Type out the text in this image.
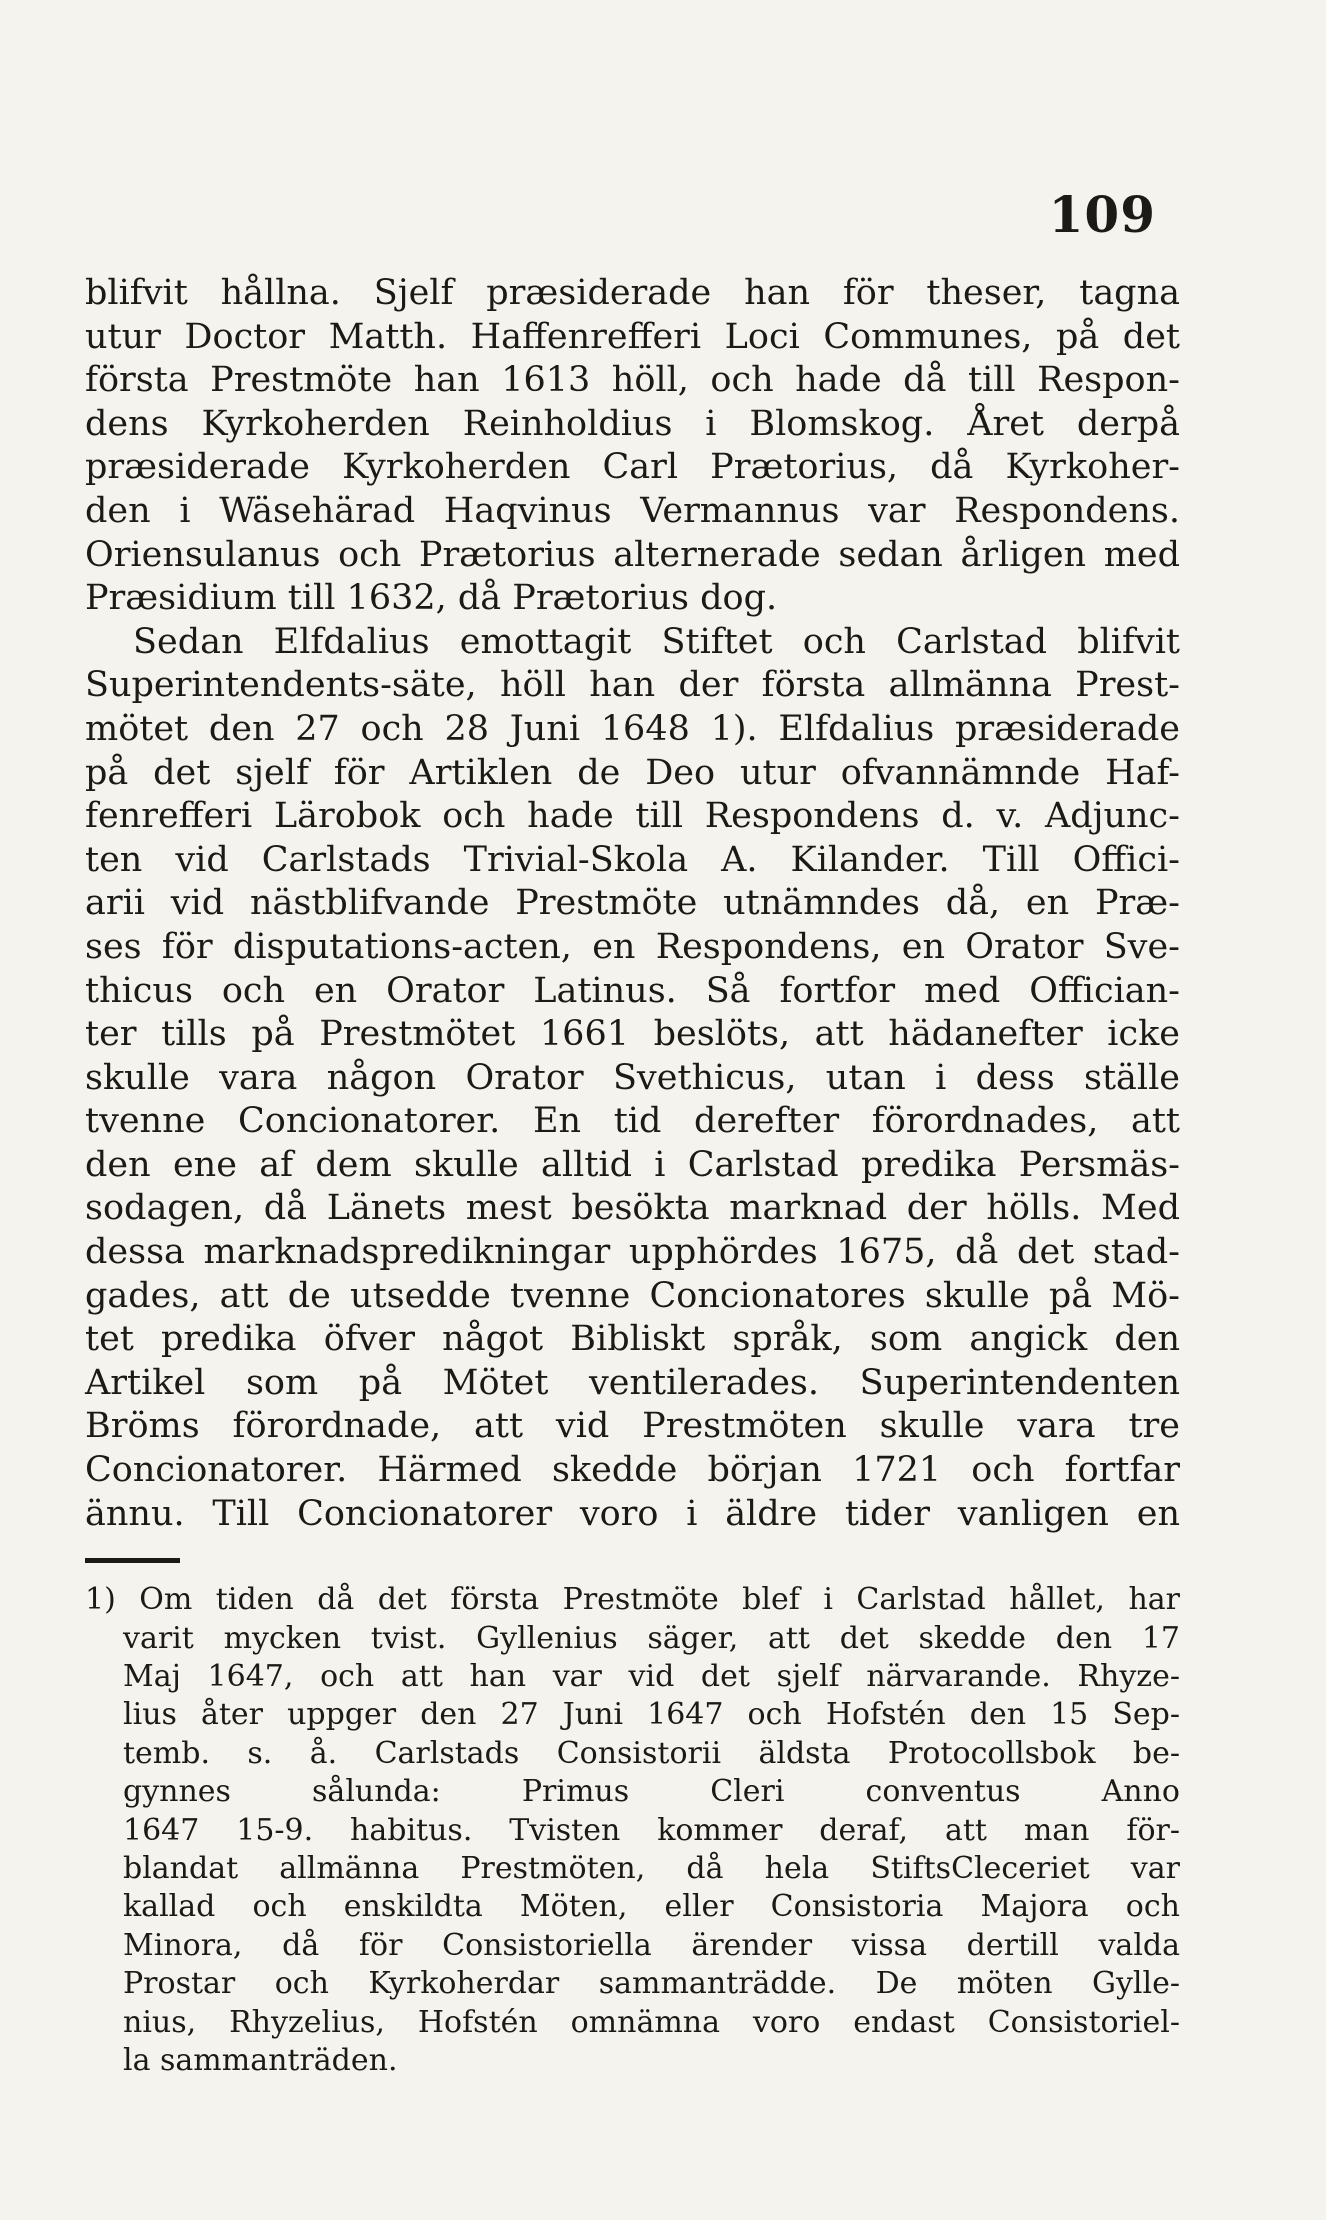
109
blifvit hållna. Sjelf præsiderade han för theser, tagna
utur Doctor Matth. Haffenrefferi Loci Communes, på det
första Prestmöte han 1613 höll, och hade då till Respon-
dens Kyrkoherden Reinholdius i Blomskog. Året derpå
præsiderade Kyrkoherden Carl Prætorius, då Kyrkoher-
den i Wäsehärad Haqvinus Vermannus var Respondens.
Oriensulanus och Prætorius alternerade sedan årligen med
Præsidium till 1632, då Prætorius dog.
Sedan Elfdalius emottagit Stiftet och Carlstad blifvit
Superintendents-säte, höll han der första allmänna Prest-
mötet den 27 och 28 Juni 1648 1). Elfdalius præsiderade
på det sjelf för Artiklen de Deo utur ofvannämnde Haf-
fenrefferi Lärobok och hade till Respondens d. v. Adjunc-
ten vid Carlstads Trivial-Skola A. Kilander. Till Offici-
arii vid nästblifvande Prestmöte utnämndes då, en Præ-
ses för disputations-acten, en Respondens, en Orator Sve-
thicus och en Orator Latinus. Så fortfor med Offician-
ter tills på Prestmötet 1661 beslöts, att hädanefter icke
skulle vara någon Orator Svethicus, utan i dess ställe
tvenne Concionatorer. En tid derefter förordnades, att
den ene af dem skulle alltid i Carlstad predika Persmäs-
sodagen, då Länets mest besökta marknad der hölls. Med
dessa marknadspredikningar upphördes 1675, då det stad-
gades, att de utsedde tvenne Concionatores skulle på Mö-
tet predika öfver något Bibliskt språk, som angick den
Artikel som på Mötet ventilerades. Superintendenten
Bröms förordnade, att vid Prestmöten skulle vara tre
Concionatorer. Härmed skedde början 1721 och fortfar
ännu. Till Concionatorer voro i äldre tider vanligen en
1) Om tiden då det första Prestmöte blef i Carlstad hållet, har
varit mycken tvist. Gyllenius säger, att det skedde den 17
Maj 1647, och att han var vid det sjelf närvarande. Rhyze-
lius åter uppger den 27 Juni 1647 och Hofstén den 15 Sep-
temb. s. å. Carlstads Consistorii äldsta Protocollsbok be-
gynnes sålunda: Primus Cleri conventus Anno
1647 15-9. habitus. Tvisten kommer deraf, att man för-
blandat allmänna Prestmöten, då hela StiftsCleceriet var
kallad och enskildta Möten, eller Consistoria Majora och
Minora, då för Consistoriella ärender vissa dertill valda
Prostar och Kyrkoherdar sammanträdde. De möten Gylle-
nius, Rhyzelius, Hofstén omnämna voro endast Consistoriel-
la sammanträden.
